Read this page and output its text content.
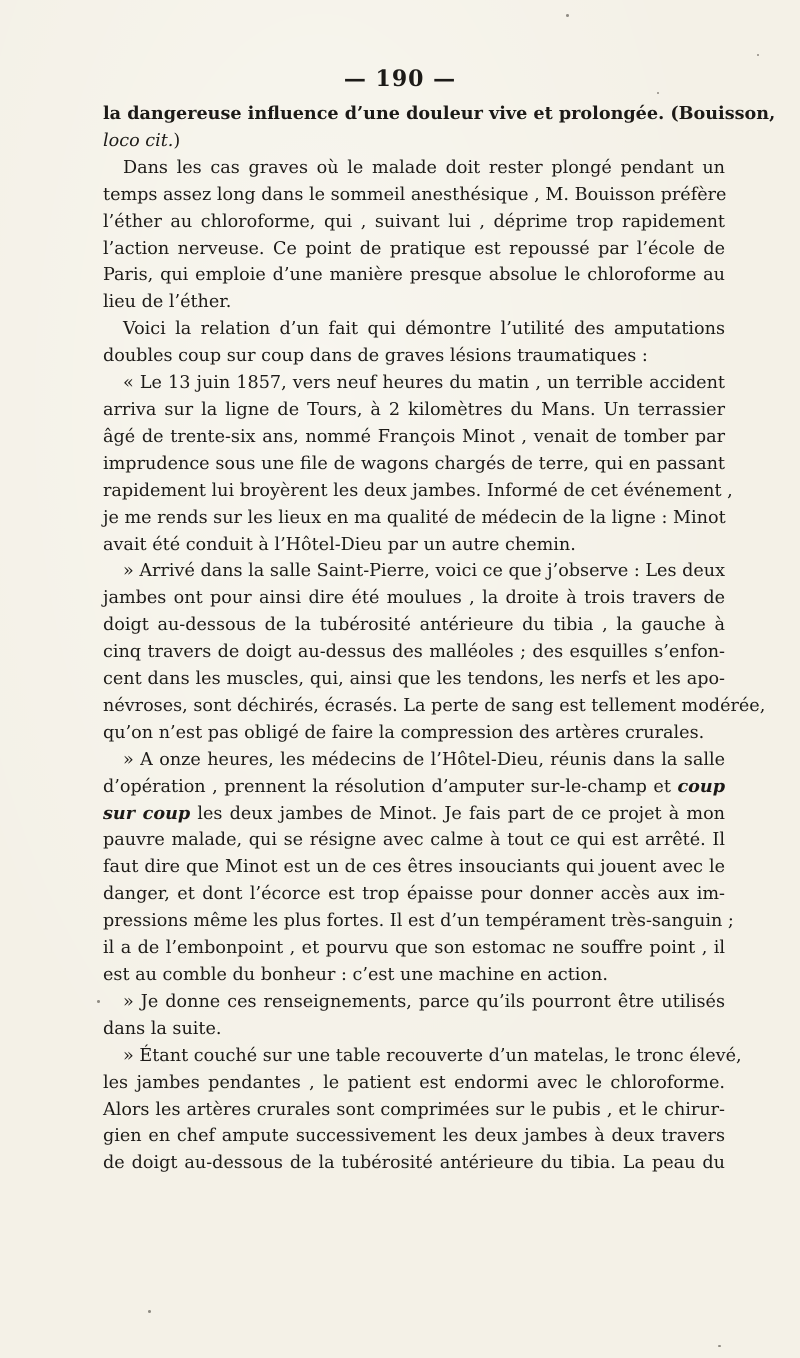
— 190 —
la dangereuse influence d’une douleur vive et prolongée. (Bouisson,
loco cit.)
Dans les cas graves où le malade doit rester plongé pendant un
temps assez long dans le sommeil anesthésique , M. Bouisson préfère
l’éther au chloroforme, qui , suivant lui , déprime trop rapidement
l’action nerveuse. Ce point de pratique est repoussé par l’école de
Paris, qui emploie d’une manière presque absolue le chloroforme au
lieu de l’éther.
Voici la relation d’un fait qui démontre l’utilité des amputations
doubles coup sur coup dans de graves lésions traumatiques :
« Le 13 juin 1857, vers neuf heures du matin , un terrible accident
arriva sur la ligne de Tours, à 2 kilomètres du Mans. Un terrassier
âgé de trente-six ans, nommé François Minot , venait de tomber par
imprudence sous une file de wagons chargés de terre, qui en passant
rapidement lui broyèrent les deux jambes. Informé de cet événement ,
je me rends sur les lieux en ma qualité de médecin de la ligne : Minot
avait été conduit à l’Hôtel-Dieu par un autre chemin.
» Arrivé dans la salle Saint-Pierre, voici ce que j’observe : Les deux
jambes ont pour ainsi dire été moulues , la droite à trois travers de
doigt au-dessous de la tubérosité antérieure du tibia , la gauche à
cinq travers de doigt au-dessus des malléoles ; des esquilles s’enfon-
cent dans les muscles, qui, ainsi que les tendons, les nerfs et les apo-
névroses, sont déchirés, écrasés. La perte de sang est tellement modérée,
qu’on n’est pas obligé de faire la compression des artères crurales.
» A onze heures, les médecins de l’Hôtel-Dieu, réunis dans la salle
d’opération , prennent la résolution d’amputer sur-le-champ et coup
sur coup les deux jambes de Minot. Je fais part de ce projet à mon
pauvre malade, qui se résigne avec calme à tout ce qui est arrêté. Il
faut dire que Minot est un de ces êtres insouciants qui jouent avec le
danger, et dont l’écorce est trop épaisse pour donner accès aux im-
pressions même les plus fortes. Il est d’un tempérament très-sanguin ;
il a de l’embonpoint , et pourvu que son estomac ne souffre point , il
est au comble du bonheur : c’est une machine en action.
» Je donne ces renseignements, parce qu’ils pourront être utilisés
dans la suite.
» Étant couché sur une table recouverte d’un matelas, le tronc élevé,
les jambes pendantes , le patient est endormi avec le chloroforme.
Alors les artères crurales sont comprimées sur le pubis , et le chirur-
gien en chef ampute successivement les deux jambes à deux travers
de doigt au-dessous de la tubérosité antérieure du tibia. La peau du
